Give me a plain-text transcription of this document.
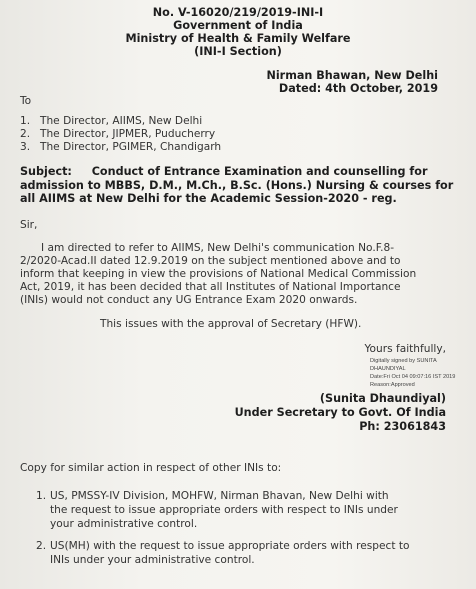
No. V-16020/219/2019-INI-I
Government of India
Ministry of Health & Family Welfare
(INI-I Section)
Nirman Bhawan, New Delhi
Dated: 4th October, 2019
To
1. The Director, AIIMS, New Delhi
2. The Director, JIPMER, Puducherry
3. The Director, PGIMER, Chandigarh
Subject: Conduct of Entrance Examination and counselling for admission to MBBS, D.M., M.Ch., B.Sc. (Hons.) Nursing & courses for all AIIMS at New Delhi for the Academic Session-2020 - reg.
Sir,
I am directed to refer to AIIMS, New Delhi's communication No.F.8-
2/2020-Acad.II dated 12.9.2019 on the subject mentioned above and to
inform that keeping in view the provisions of National Medical Commission
Act, 2019, it has been decided that all Institutes of National Importance
(INIs) would not conduct any UG Entrance Exam 2020 onwards.
This issues with the approval of Secretary (HFW).
Yours faithfully,
Digitally signed by SUNITA
DHAUNDIYAL
Date:Fri Oct 04 09:07:16 IST 2019
Reason:Approved
(Sunita Dhaundiyal)
Under Secretary to Govt. Of India
Ph: 23061843
Copy for similar action in respect of other INIs to:
1. US, PMSSY-IV Division, MOHFW, Nirman Bhavan, New Delhi with
the request to issue appropriate orders with respect to INIs under
your administrative control.
2. US(MH) with the request to issue appropriate orders with respect to
INIs under your administrative control.
